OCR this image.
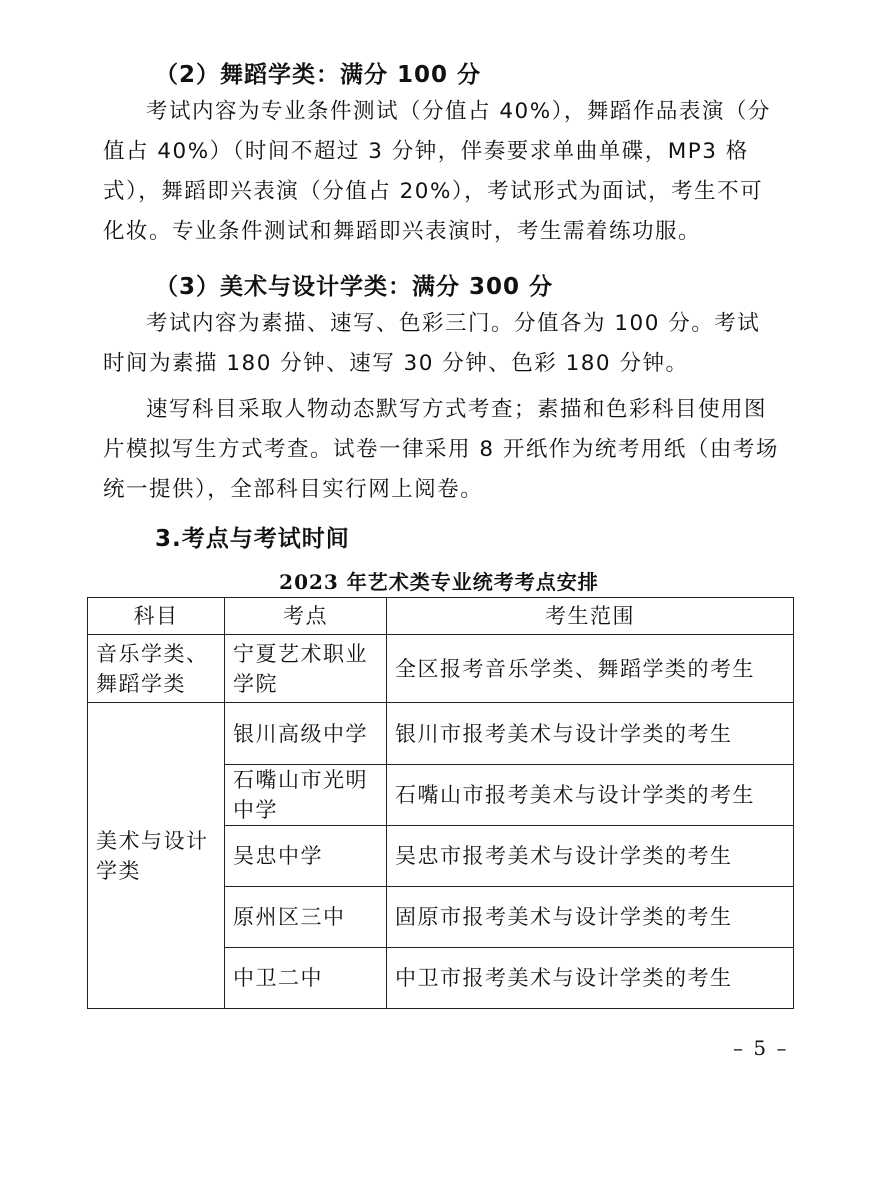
（2）舞蹈学类：满分 100 分

考试内容为专业条件测试（分值占 40%），舞蹈作品表演（分值占 40%）（时间不超过 3 分钟，伴奏要求单曲单碟，MP3 格式），舞蹈即兴表演（分值占 20%），考试形式为面试，考生不可化妆。专业条件测试和舞蹈即兴表演时，考生需着练功服。

（3）美术与设计学类：满分 300 分

考试内容为素描、速写、色彩三门。分值各为 100 分。考试时间为素描 180 分钟、速写 30 分钟、色彩 180 分钟。

速写科目采取人物动态默写方式考查；素描和色彩科目使用图片模拟写生方式考查。试卷一律采用 8 开纸作为统考用纸（由考场统一提供），全部科目实行网上阅卷。

3.考点与考试时间
2023 年艺术类专业统考考点安排
科目	考点	考生范围
音乐学类、舞蹈学类	宁夏艺术职业学院	全区报考音乐学类、舞蹈学类的考生
美术与设计学类	银川高级中学	银川市报考美术与设计学类的考生
	石嘴山市光明中学	石嘴山市报考美术与设计学类的考生
	吴忠中学	吴忠市报考美术与设计学类的考生
	原州区三中	固原市报考美术与设计学类的考生
	中卫二中	中卫市报考美术与设计学类的考生
– 5 –
